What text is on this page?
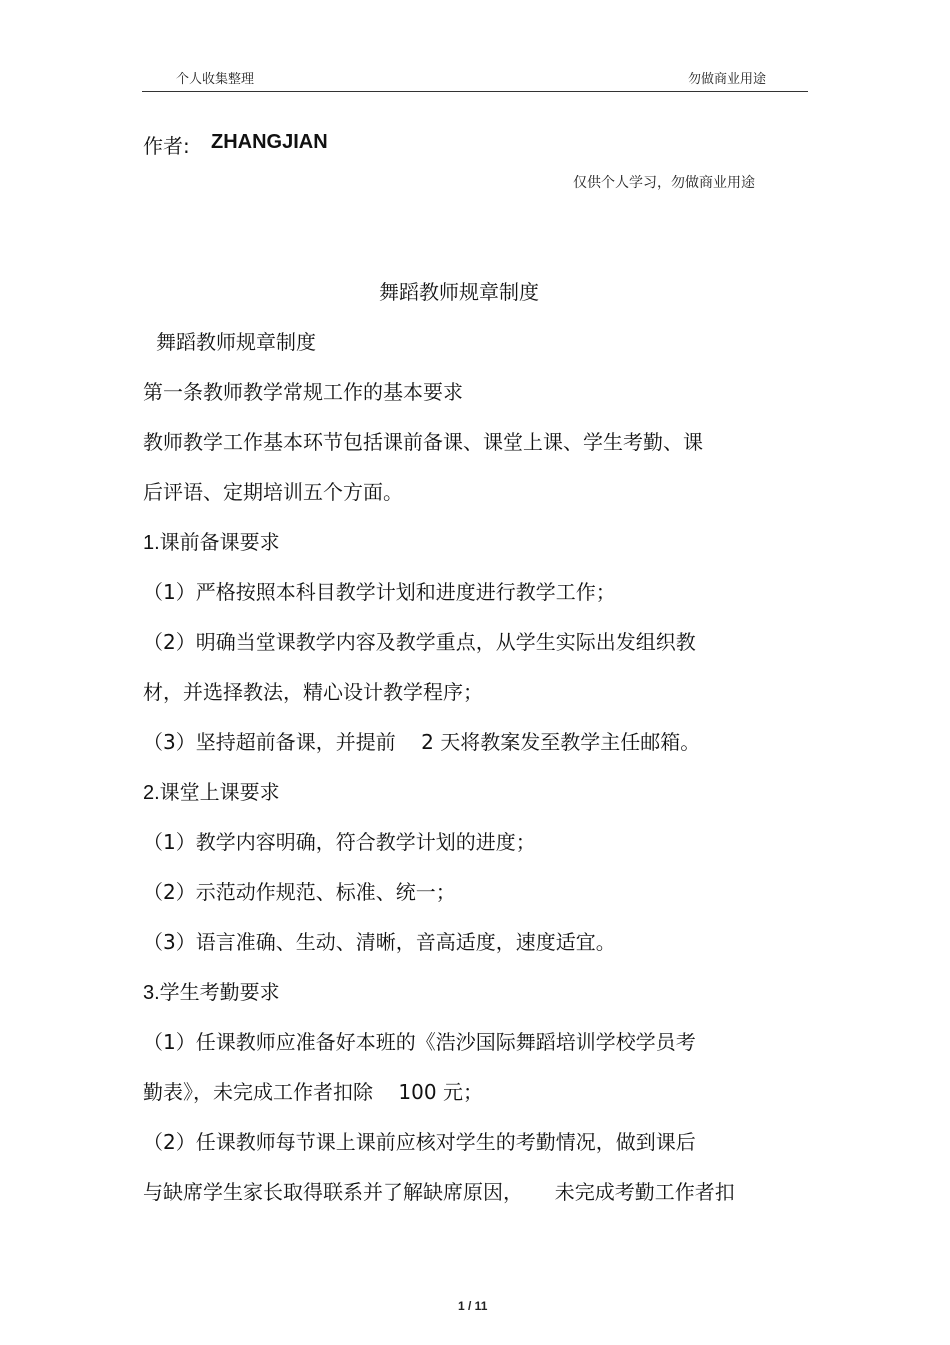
个人收集整理	勿做商业用途
作者: ZHANGJIAN
仅供个人学习，勿做商业用途
舞蹈教师规章制度
舞蹈教师规章制度
第一条教师教学常规工作的基本要求
教师教学工作基本环节包括课前备课、课堂上课、学生考勤、课
后评语、定期培训五个方面。
1.课前备课要求
（1）严格按照本科目教学计划和进度进行教学工作；
（2）明确当堂课教学内容及教学重点，从学生实际出发组织教
材，并选择教法，精心设计教学程序；
（3）坚持超前备课，并提前    2 天将教案发至教学主任邮箱。
2.课堂上课要求
（1）教学内容明确，符合教学计划的进度；
（2）示范动作规范、标准、统一；
（3）语言准确、生动、清晰，音高适度，速度适宜。
3.学生考勤要求
（1）任课教师应准备好本班的《浩沙国际舞蹈培训学校学员考
勤表》，未完成工作者扣除    100 元；
（2）任课教师每节课上课前应核对学生的考勤情况，做到课后
与缺席学生家长取得联系并了解缺席原因，     未完成考勤工作者扣
1 / 11
